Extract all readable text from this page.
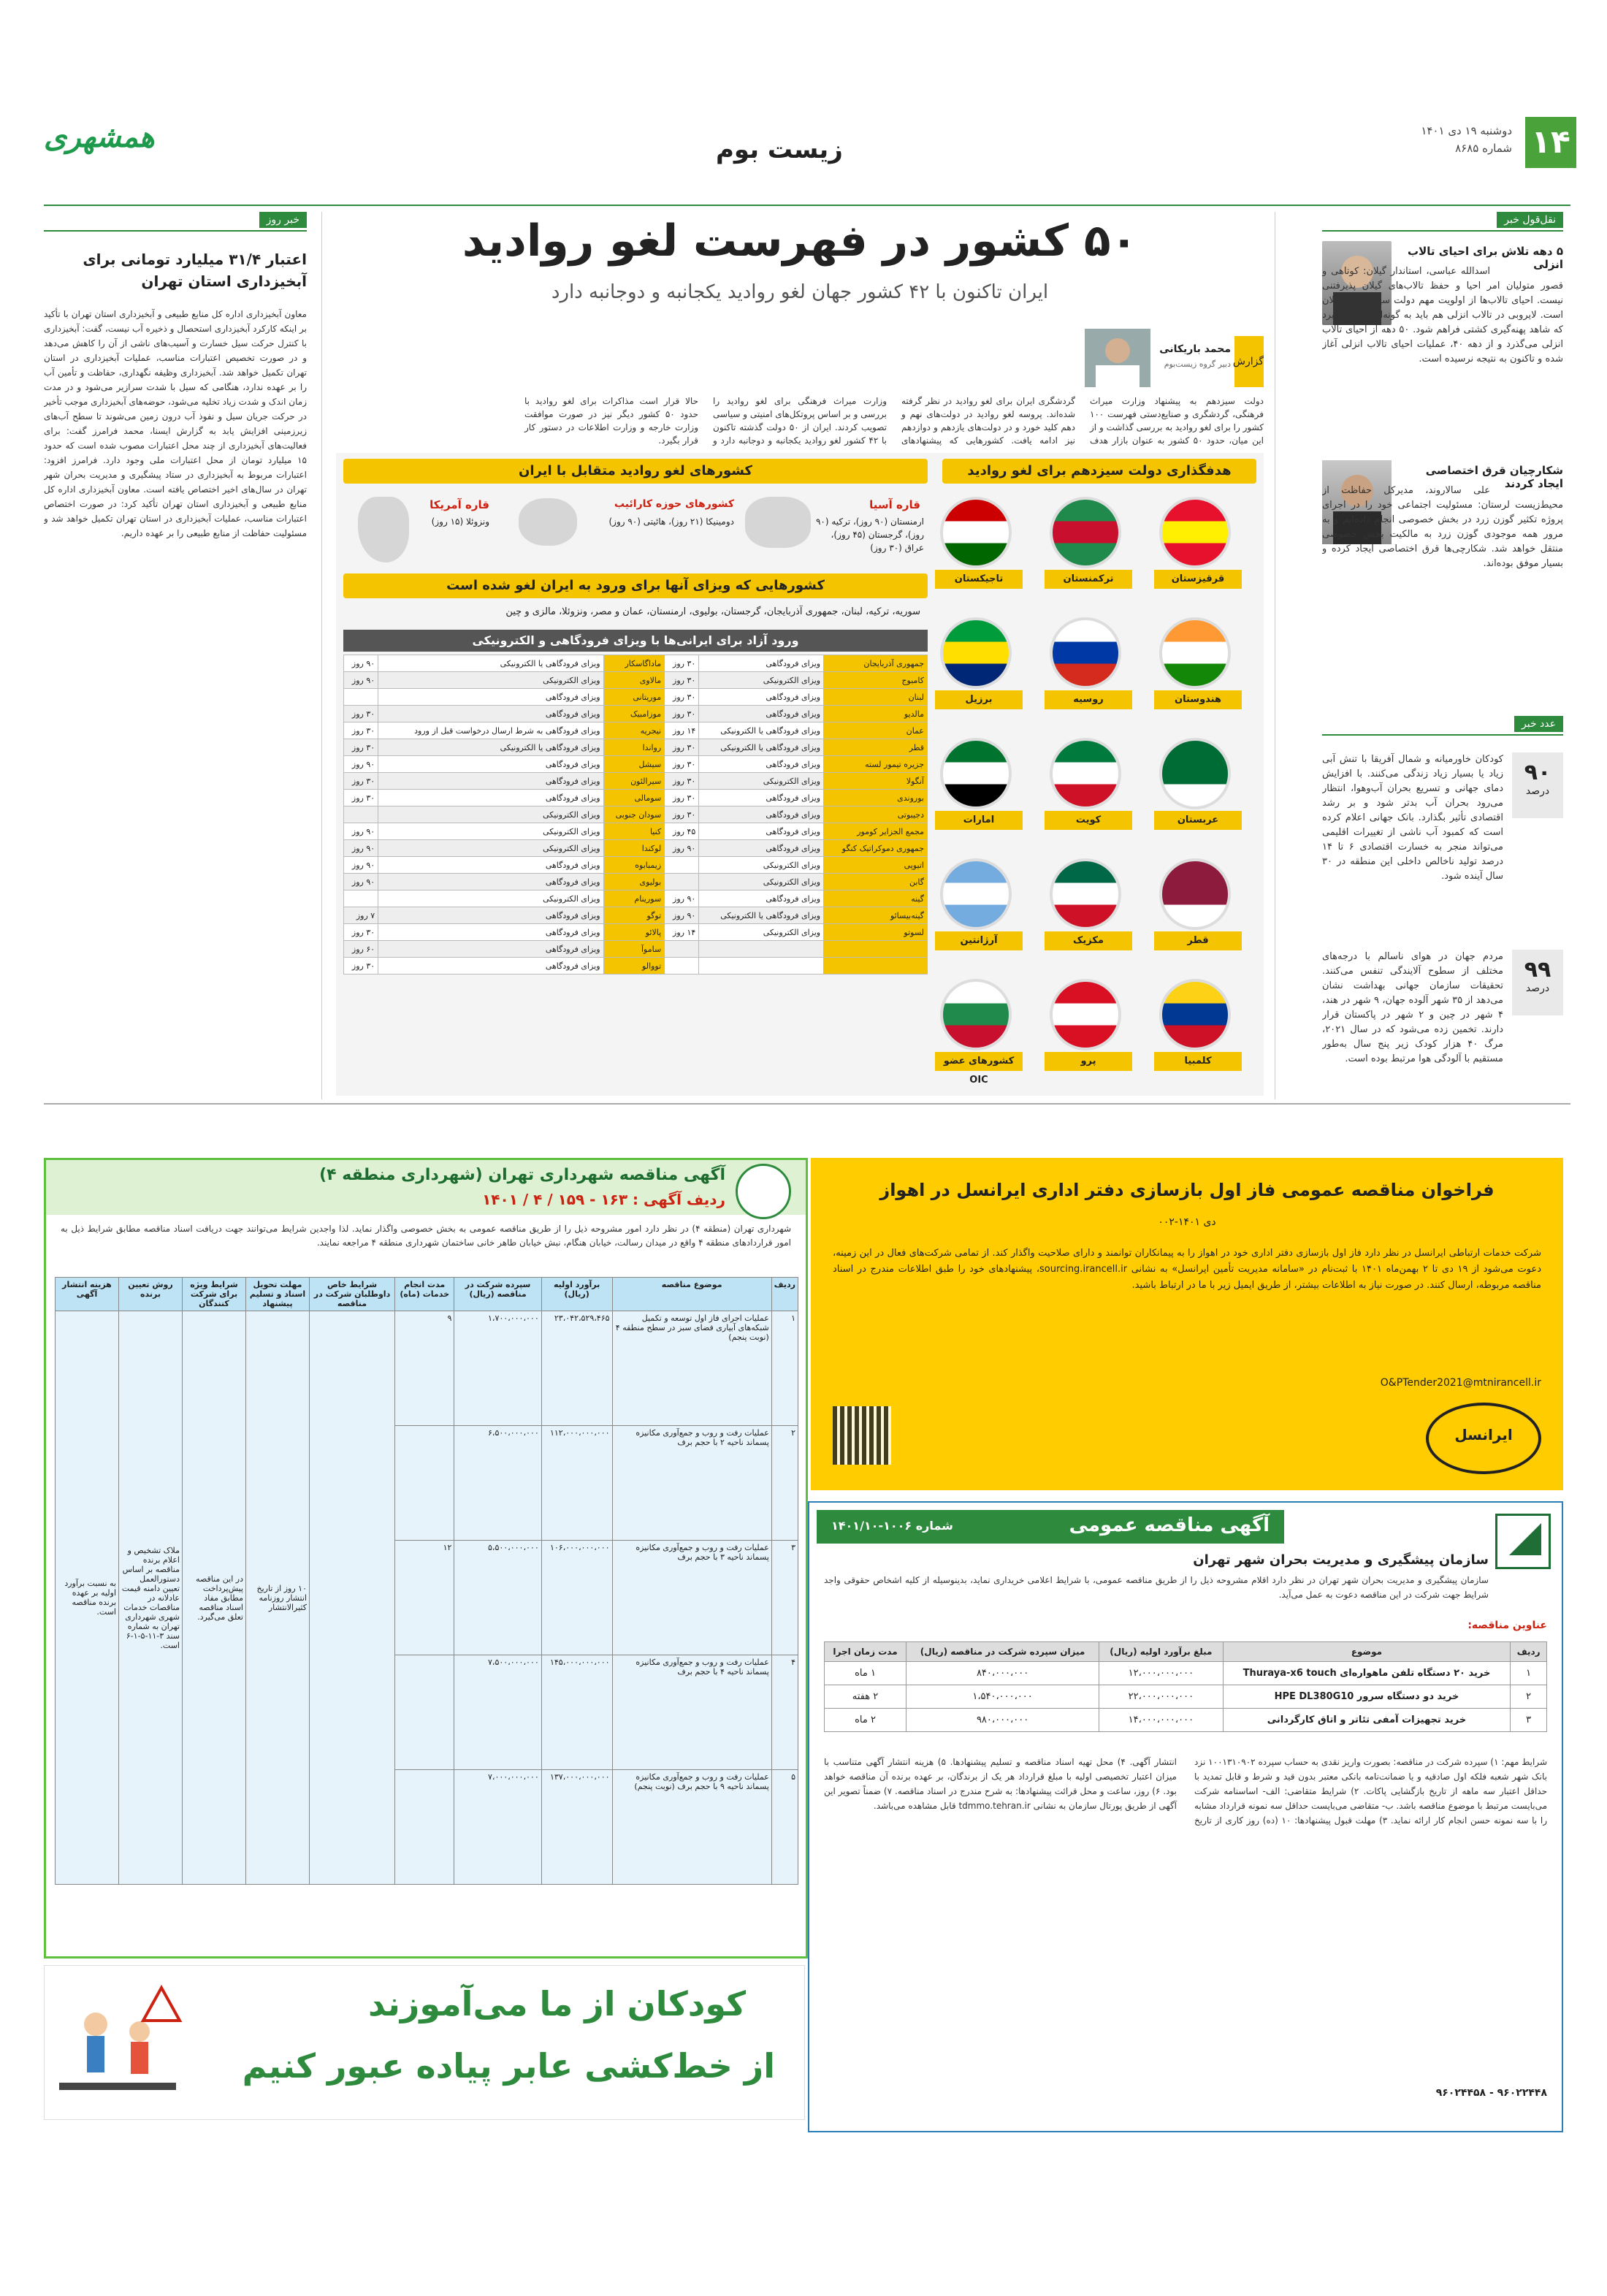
۱۴
دوشنبه ۱۹ دی ۱۴۰۱
شماره ۸۶۸۵
زیست بوم
همشهری
نقل‌قول خبر
۵ دهه تلاش برای احیای تالاب انزلی
اسدالله عباسی، استاندار گیلان: کوتاهی و قصور متولیان امر احیا و حفظ تالاب‌های گیلان پذیرفتنی نیست. احیای تالاب‌ها از اولویت مهم دولت سیزدهم در گیلان است. لایروبی در تالاب انزلی هم باید به گونه‌ای صورت گیرد که شاهد پهنه‌گیری کشتی فراهم شود. ۵۰ دهه از احیای تالاب انزلی می‌گذرد و از دهه ۴۰، عملیات احیای تالاب انزلی آغاز شده و تاکنون به نتیجه نرسیده است.
شکارچیان قرق اختصاصی ایجاد کردند
علی سالاروند، مدیرکل حفاظت از محیط‌زیست لرستان: مسئولیت اجتماعی خود را در اجرای پروژه تکثیر گوزن زرد در بخش خصوصی انجام داده‌ایم و به مرور همه موجودی گوزن زرد به مالکیت بخش خصوصی منتقل خواهد شد. شکارچی‌ها قرق اختصاصی ایجاد کرده و بسیار موفق بوده‌اند.
عدد خبر
۹۰
درصد
کودکان خاورمیانه و شمال آفریقا با تنش آبی زیاد یا بسیار زیاد زندگی می‌کنند. با افزایش دمای جهانی و تسریع بحران آب‌وهوا، انتظار می‌رود بحران آب بدتر شود و بر رشد اقتصادی تأثیر بگذارد. بانک جهانی اعلام کرده است که کمبود آب ناشی از تغییرات اقلیمی می‌تواند منجر به خسارت اقتصادی ۶ تا ۱۴ درصد تولید ناخالص داخلی این منطقه در ۳۰ سال آینده شود.
۹۹
درصد
مردم جهان در هوای ناسالم با درجه‌های مختلف از سطوح آلایندگی تنفس می‌کنند. تحقیقات سازمان جهانی بهداشت نشان می‌دهد از ۳۵ شهر آلوده جهان، ۹ شهر در هند، ۴ شهر در چین و ۲ شهر در پاکستان قرار دارند. تخمین زده می‌شود که در سال ۲۰۲۱، مرگ ۴۰ هزار کودک زیر پنج سال به‌طور مستقیم با آلودگی هوا مرتبط بوده است.
۵۰ کشور در فهرست لغو روادید
ایران تاکنون با ۴۲ کشور جهان لغو روادید یکجانبه و دوجانبه دارد
گزارش
محمد باریکانی
دبیر گروه زیست‌بوم
دولت سیزدهم به پیشنهاد وزارت میراث فرهنگی، گردشگری و صنایع‌دستی فهرست ۱۰۰ کشور را برای لغو روادید به بررسی گذاشت و از این میان، حدود ۵۰ کشور به عنوان بازار هدف گردشگری ایران برای لغو روادید در نظر گرفته شده‌اند. پروسه لغو روادید در دولت‌های نهم و دهم کلید خورد و در دولت‌های یازدهم و دوازدهم نیز ادامه یافت. کشورهایی که پیشنهادهای وزارت میراث فرهنگی برای لغو روادید را بررسی و بر اساس پروتکل‌های امنیتی و سیاسی تصویب کردند. ایران از ۵۰ دولت گذشته تاکنون با ۴۲ کشور لغو روادید یکجانبه و دوجانبه دارد و حالا قرار است مذاکرات برای لغو روادید با حدود ۵۰ کشور دیگر نیز در صورت موافقت وزارت خارجه و وزارت اطلاعات در دستور کار قرار بگیرد.
هدفگذاری دولت سیزدهم برای لغو روادید
کشورهای لغو روادید متقابل با ایران
قاره آسیا
ارمنستان (۹۰ روز)، ترکیه (۹۰ روز)، گرجستان (۴۵ روز)، عراق (۳۰ روز)
کشورهای حوزه کارائیب
دومینیکا (۲۱ روز)، هائیتی (۹۰ روز)
قاره آمریکا
ونزوئلا (۱۵ روز)
کشورهایی که ویزای آنها برای ورود به ایران لغو شده است
سوریه، ترکیه، لبنان، جمهوری آذربایجان، گرجستان، بولیوی، ارمنستان، عمان و مصر، ونزوئلا، مالزی و چین
ورود آزاد برای ایرانی‌ها با ویزای فرودگاهی و الکترونیکی
جمهوری آذربایجان	ویزای فرودگاهی	۳۰ روز	ماداگاسکار	ویزای فرودگاهی یا الکترونیکی	۹۰ روز
کامبوج	ویزای الکترونیکی	۳۰ روز	مالاوی	ویزای الکترونیکی	۹۰ روز
لبنان	ویزای فرودگاهی	۳۰ روز	موریتانی	ویزای فرودگاهی	
مالدیو	ویزای فرودگاهی	۳۰ روز	موزامبیک	ویزای فرودگاهی	۳۰ روز
عمان	ویزای فرودگاهی یا الکترونیکی	۱۴ روز	نیجریه	ویزای فرودگاهی به شرط ارسال درخواست قبل از ورود	۳۰ روز
قطر	ویزای فرودگاهی یا الکترونیکی	۳۰ روز	رواندا	ویزای فرودگاهی یا الکترونیکی	۳۰ روز
جزیره تیمور لسته	ویزای فرودگاهی	۳۰ روز	سیشل	ویزای فرودگاهی	۹۰ روز
آنگولا	ویزای الکترونیکی	۳۰ روز	سیرالئون	ویزای فرودگاهی	۳۰ روز
بوروندی	ویزای فرودگاهی	۳۰ روز	سومالی	ویزای فرودگاهی	۳۰ روز
دجیبوتی	ویزای فرودگاهی	۳۰ روز	سودان جنوبی	ویزای الکترونیکی	
مجمع الجزایر کومور	ویزای فرودگاهی	۴۵ روز	کنیا	ویزای الکترونیکی	۹۰ روز
جمهوری دموکراتیک کنگو	ویزای فرودگاهی	۹۰ روز	لوکندا	ویزای الکترونیکی	۹۰ روز
اتیوپی	ویزای الکترونیکی		زیمبابوه	ویزای فرودگاهی	۹۰ روز
گابن	ویزای الکترونیکی		بولیوی	ویزای فرودگاهی	۹۰ روز
گینه	ویزای فرودگاهی	۹۰ روز	سورینام	ویزای الکترونیکی	
گینه‌بیسائو	ویزای فرودگاهی یا الکترونیکی	۹۰ روز	توگو	ویزای فرودگاهی	۷ روز
لسوتو	ویزای الکترونیکی	۱۴ روز	پالائو	ویزای فرودگاهی	۳۰ روز
			ساموآ	ویزای فرودگاهی	۶۰ روز
			تووالو	ویزای فرودگاهی	۳۰ روز
قرقیزستان
ترکمنستان
تاجیکستان
هندوستان
روسیه
برزیل
عربستان
کویت
امارات
قطر
مکزیک
آرژانتین
کلمبیا
پرو
کشورهای عضو OIC
خبر روز
اعتبار ۳۱/۴ میلیارد تومانی برای آبخیزداری استان تهران
معاون آبخیزداری اداره کل منابع طبیعی و آبخیزداری استان تهران با تأکید بر اینکه کارکرد آبخیزداری استحصال و ذخیره آب نیست، گفت: آبخیزداری با کنترل حرکت سیل خسارت و آسیب‌های ناشی از آن را کاهش می‌دهد و در صورت تخصیص اعتبارات مناسب، عملیات آبخیزداری در استان تهران تکمیل خواهد شد. آبخیزداری وظیفه نگهداری، حفاظت و تأمین آب را بر عهده ندارد، هنگامی که سیل با شدت سرازیر می‌شود و در مدت زمان اندک و شدت زیاد تخلیه می‌شود، حوضه‌های آبخیزداری موجب تأخیر در حرکت جریان سیل و نفوذ آب درون زمین می‌شوند تا سطح آب‌های زیرزمینی افزایش یابد به گزارش ایسنا، محمد فرامرز گفت: برای فعالیت‌های آبخیزداری از چند محل اعتبارات مصوب شده است که حدود ۱۵ میلیارد تومان از محل اعتبارات ملی وجود دارد. فرامرز افزود: اعتبارات مربوط به آبخیزداری در ستاد پیشگیری و مدیریت بحران شهر تهران در سال‌های اخیر اختصاص یافته است. معاون آبخیزداری اداره کل منابع طبیعی و آبخیزداری استان تهران تأکید کرد: در صورت اختصاص اعتبارات مناسب، عملیات آبخیزداری در استان تهران تکمیل خواهد شد و مسئولیت حفاظت از منابع طبیعی را بر عهده داریم.
فراخوان مناقصه عمومی فاز اول بازسازی دفتر اداری ایرانسل در اهواز
دی ۱۴۰۱-۰۰۲
شرکت خدمات ارتباطی ایرانسل در نظر دارد فاز اول بازسازی دفتر اداری خود در اهواز را به پیمانکاران توانمند و دارای صلاحیت واگذار کند. از تمامی شرکت‌های فعال در این زمینه، دعوت می‌شود از ۱۹ دی تا ۲ بهمن‌ماه ۱۴۰۱ با ثبت‌نام در «سامانه مدیریت تأمین ایرانسل» به نشانی sourcing.irancell.ir، پیشنهادهای خود را طبق اطلاعات مندرج در اسناد مناقصه مربوطه، ارسال کنند. در صورت نیاز به اطلاعات بیشتر، از طریق ایمیل زیر با ما در ارتباط باشید.
O&PTender2021@mtnirancell.ir
ایرانسل
آگهی مناقصه عمومی
شماره ۱۰۰۶-۱۴۰۱/۱۰
سازمان پیشگیری و مدیریت بحران شهر تهران
سازمان پیشگیری و مدیریت بحران شهر تهران در نظر دارد اقلام مشروحه ذیل را از طریق مناقصه عمومی، با شرایط اعلامی خریداری نماید، بدینوسیله از کلیه اشخاص حقوقی واجد شرایط جهت شرکت در این مناقصه دعوت به عمل می‌آید.
عناوین مناقصه:
ردیف	موضوع	مبلغ برآورد اولیه (ریال)	میزان سپرده شرکت در مناقصه (ریال)	مدت زمان اجرا
۱	خرید ۲۰ دستگاه تلفن ماهواره‌ای Thuraya-x6 touch	۱۲،۰۰۰،۰۰۰،۰۰۰	۸۴۰،۰۰۰،۰۰۰	۱ ماه
۲	خرید دو دستگاه سرور HPE DL380G10	۲۲،۰۰۰،۰۰۰،۰۰۰	۱،۵۴۰،۰۰۰،۰۰۰	۲ هفته
۳	خرید تجهیزات آمفی تئاتر و اتاق کارگردانی	۱۴،۰۰۰،۰۰۰،۰۰۰	۹۸۰،۰۰۰،۰۰۰	۲ ماه
شرایط مهم: ۱) سپرده شرکت در مناقصه: بصورت واریز نقدی به حساب سپرده ۱۰۰۱۳۱۰۹۰۲ نزد بانک شهر شعبه فلکه اول صادقیه و یا ضمانت‌نامه بانکی معتبر بدون قید و شرط و قابل تمدید با حداقل اعتبار سه ماهه از تاریخ بازگشایی پاکات. ۲) شرایط متقاضی: الف- اساسنامه شرکت می‌بایست مرتبط با موضوع مناقصه باشد. ب- متقاضی می‌بایست حداقل سه نمونه قرارداد مشابه را با سه نمونه حسن انجام کار ارائه نماید. ۳) مهلت قبول پیشنهادها: ۱۰ (ده) روز کاری از تاریخ انتشار آگهی. ۴) محل تهیه اسناد مناقصه و تسلیم پیشنهادها. ۵) هزینه انتشار آگهی متناسب با میزان اعتبار تخصیصی اولیه با مبلغ قرارداد هر یک از برندگان، بر عهده برنده آن مناقصه خواهد بود. ۶) روز، ساعت و محل قرائت پیشنهادها: به شرح مندرج در اسناد مناقصه. ۷) ضمناً تصویر این آگهی از طریق پورتال سازمان به نشانی tdmmo.tehran.ir قابل مشاهده می‌باشد.
۹۶۰۲۲۴۴۸ - ۹۶۰۲۴۴۵۸
آگهی مناقصه شهرداری تهران (شهرداری منطقه ۴)
ردیف آگهی : ۱۶۳ - ۱۵۹ / ۴ / ۱۴۰۱
شهرداری تهران (منطقه ۴) در نظر دارد امور مشروحه ذیل را از طریق مناقصه عمومی به بخش خصوصی واگذار نماید. لذا واجدین شرایط می‌توانند جهت دریافت اسناد مناقصه مطابق شرایط ذیل به امور قراردادهای منطقه ۴ واقع در میدان رسالت، خیابان هنگام، نبش خیابان طاهر خانی ساختمان شهرداری منطقه ۴ مراجعه نمایند.
ردیف	موضوع مناقصه	برآورد اولیه (ریال)	سپرده شرکت در مناقصه (ریال)	مدت انجام خدمات (ماه)	شرایط خاص داوطلبان شرکت در مناقصه	مهلت تحویل اسناد و تسلیم پیشنهاد	شرایط ویژه برای شرکت کنندگان	روش تعیین برنده	هزینه انتشار آگهی
۱	عملیات اجرای فاز اول توسعه و تکمیل شبکه‌های آبیاری فضای سبز در سطح منطقه ۴ (نوبت پنجم)	۲۳،۰۴۲،۵۲۹،۴۶۵	۱،۷۰۰،۰۰۰،۰۰۰	۹		۱۰ روز از تاریخ انتشار روزنامه کثیرالانتشار	در این مناقصه پیش‌پرداخت مطابق مفاد اسناد مناقصه تعلق می‌گیرد.	ملاک تشخیص و اعلام برنده مناقصه بر اساس دستورالعمل تعیین دامنه قیمت عادلانه در مناقصات خدمات شهری شهرداری تهران به شماره سند ۳-۱۱-۵-۱-۶ است.	به نسبت برآورد اولیه بر عهده برنده مناقصه است.
۲	عملیات رفت و روب و جمع‌آوری مکانیزه پسماند ناحیه ۲ با حجم برف	۱۱۲،۰۰۰،۰۰۰،۰۰۰	۶،۵۰۰،۰۰۰،۰۰۰						
۳	عملیات رفت و روب و جمع‌آوری مکانیزه پسماند ناحیه ۳ با حجم برف	۱۰۶،۰۰۰،۰۰۰،۰۰۰	۵،۵۰۰،۰۰۰،۰۰۰	۱۲					
۴	عملیات رفت و روب و جمع‌آوری مکانیزه پسماند ناحیه ۴ با حجم برف	۱۴۵،۰۰۰،۰۰۰،۰۰۰	۷،۵۰۰،۰۰۰،۰۰۰						
۵	عملیات رفت و روب و جمع‌آوری مکانیزه پسماند ناحیه ۹ با حجم برف (نوبت پنجم)	۱۳۷،۰۰۰،۰۰۰،۰۰۰	۷،۰۰۰،۰۰۰،۰۰۰						
کودکان از ما می‌آموزند
از خط‌کشی عابر پیاده عبور کنیم
